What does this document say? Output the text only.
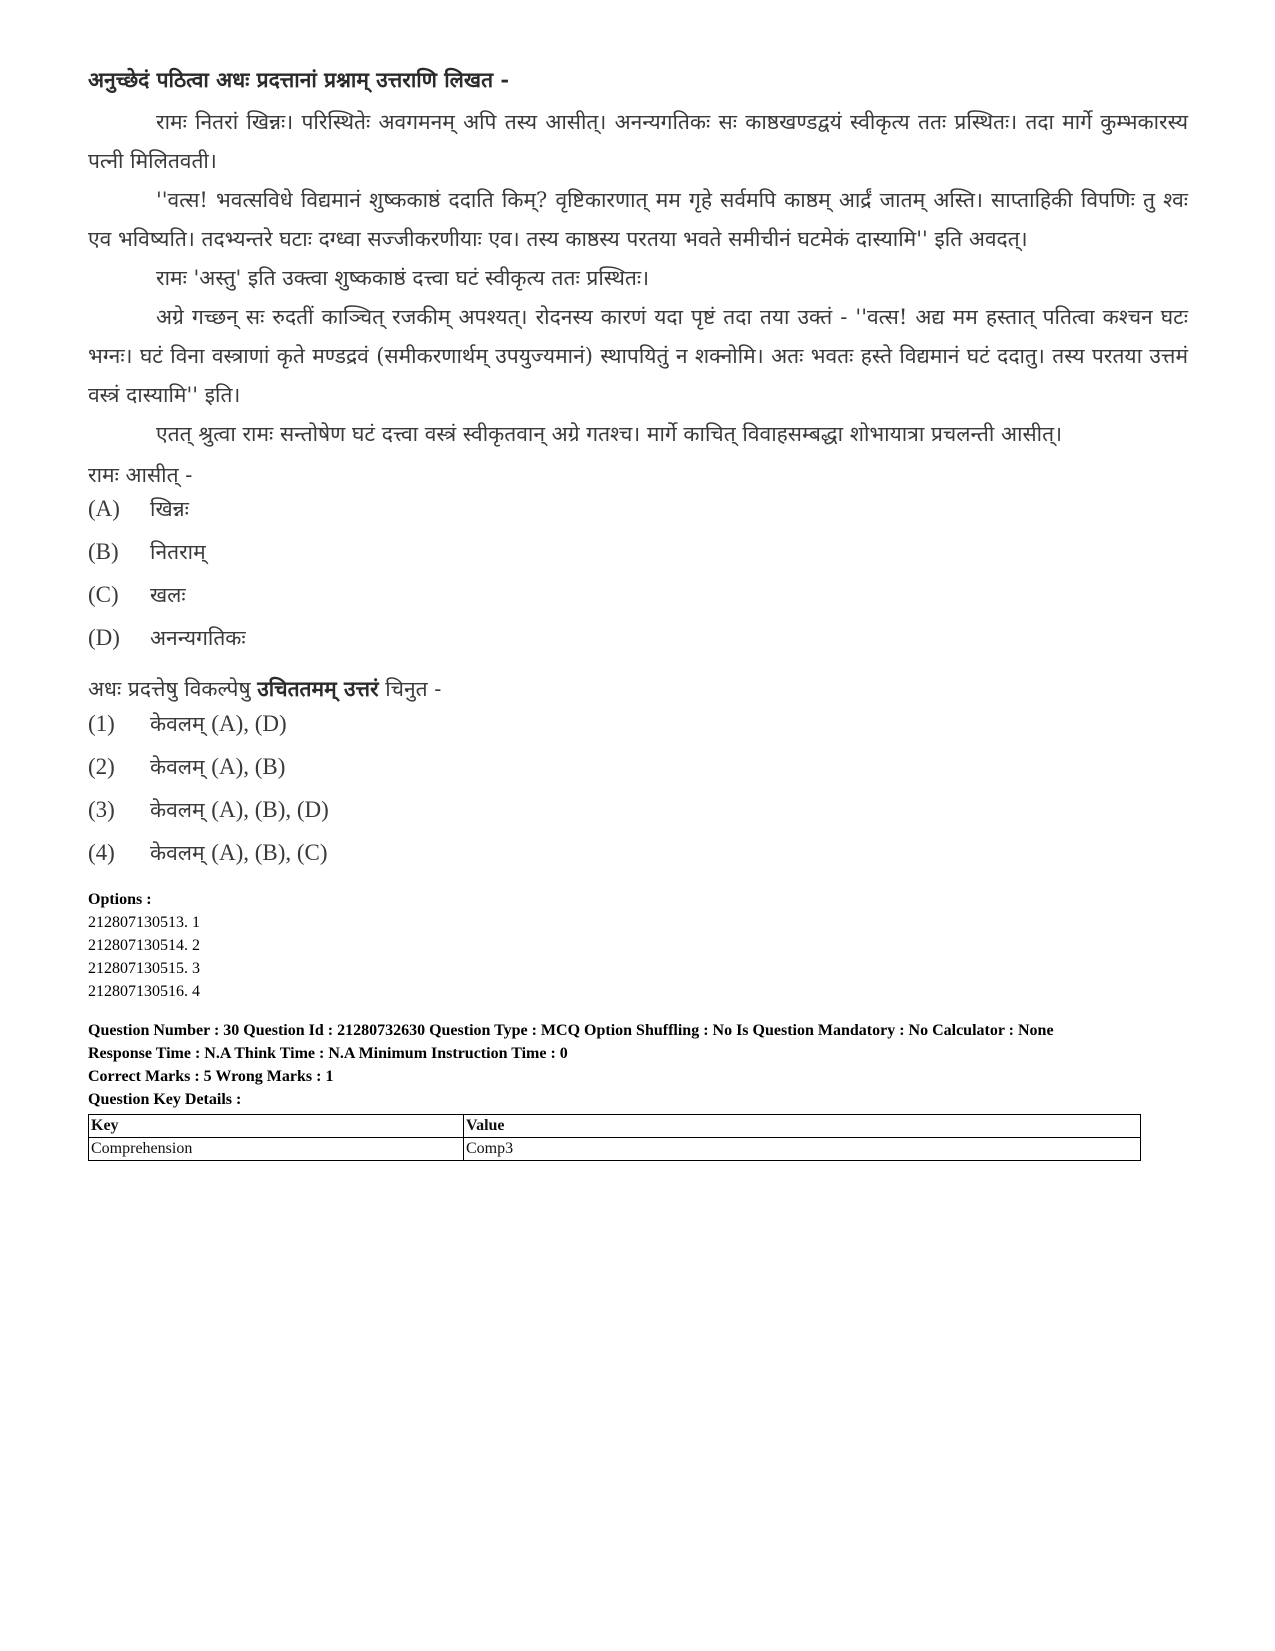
अनुच्छेदं पठित्वा अधः प्रदत्तानां प्रश्नाम् उत्तराणि लिखत -

रामः नितरां खिन्नः। परिस्थितेः अवगमनम् अपि तस्य आसीत्। अनन्यगतिकः सः काष्ठखण्डद्वयं स्वीकृत्य ततः प्रस्थितः। तदा मार्गे कुम्भकारस्य पत्नी मिलितवती।

''वत्स! भवत्सविधे विद्यमानं शुष्ककाष्ठं ददाति किम्? वृष्टिकारणात् मम गृहे सर्वमपि काष्ठम् आर्द्रं जातम् अस्ति। साप्ताहिकी विपणिः तु श्वः एव भविष्यति। तदभ्यन्तरे घटाः दग्ध्वा सज्जीकरणीयाः एव। तस्य काष्ठस्य परतया भवते समीचीनं घटमेकं दास्यामि'' इति अवदत्।

रामः 'अस्तु' इति उक्त्वा शुष्ककाष्ठं दत्त्वा घटं स्वीकृत्य ततः प्रस्थितः।

अग्रे गच्छन् सः रुदतीं काञ्चित् रजकीम् अपश्यत्। रोदनस्य कारणं यदा पृष्टं तदा तया उक्तं - ''वत्स! अद्य मम हस्तात् पतित्वा कश्चन घटः भग्नः। घटं विना वस्त्राणां कृते मण्डद्रवं (समीकरणार्थम् उपयुज्यमानं) स्थापयितुं न शक्नोमि। अतः भवतः हस्ते विद्यमानं घटं ददातु। तस्य परतया उत्तमं वस्त्रं दास्यामि'' इति।

एतत् श्रुत्वा रामः सन्तोषेण घटं दत्त्वा वस्त्रं स्वीकृतवान् अग्रे गतश्च। मार्गे काचित् विवाहसम्बद्धा शोभायात्रा प्रचलन्ती आसीत्।

रामः आसीत् -

(A)	खिन्नः
(B)	नितराम्
(C)	खलः
(D)	अनन्यगतिकः
अधः प्रदत्तेषु विकल्पेषु उचिततमम् उत्तरं चिनुत -
(1)	केवलम् (A), (D)
(2)	केवलम् (A), (B)
(3)	केवलम् (A), (B), (D)
(4)	केवलम् (A), (B), (C)
Options :
212807130513. 1
212807130514. 2
212807130515. 3
212807130516. 4
Question Number : 30 Question Id : 21280732630 Question Type : MCQ Option Shuffling : No Is Question Mandatory : No Calculator : None
Response Time : N.A Think Time : N.A Minimum Instruction Time : 0
Correct Marks : 5 Wrong Marks : 1
Question Key Details :
Key	Value
Comprehension	Comp3
